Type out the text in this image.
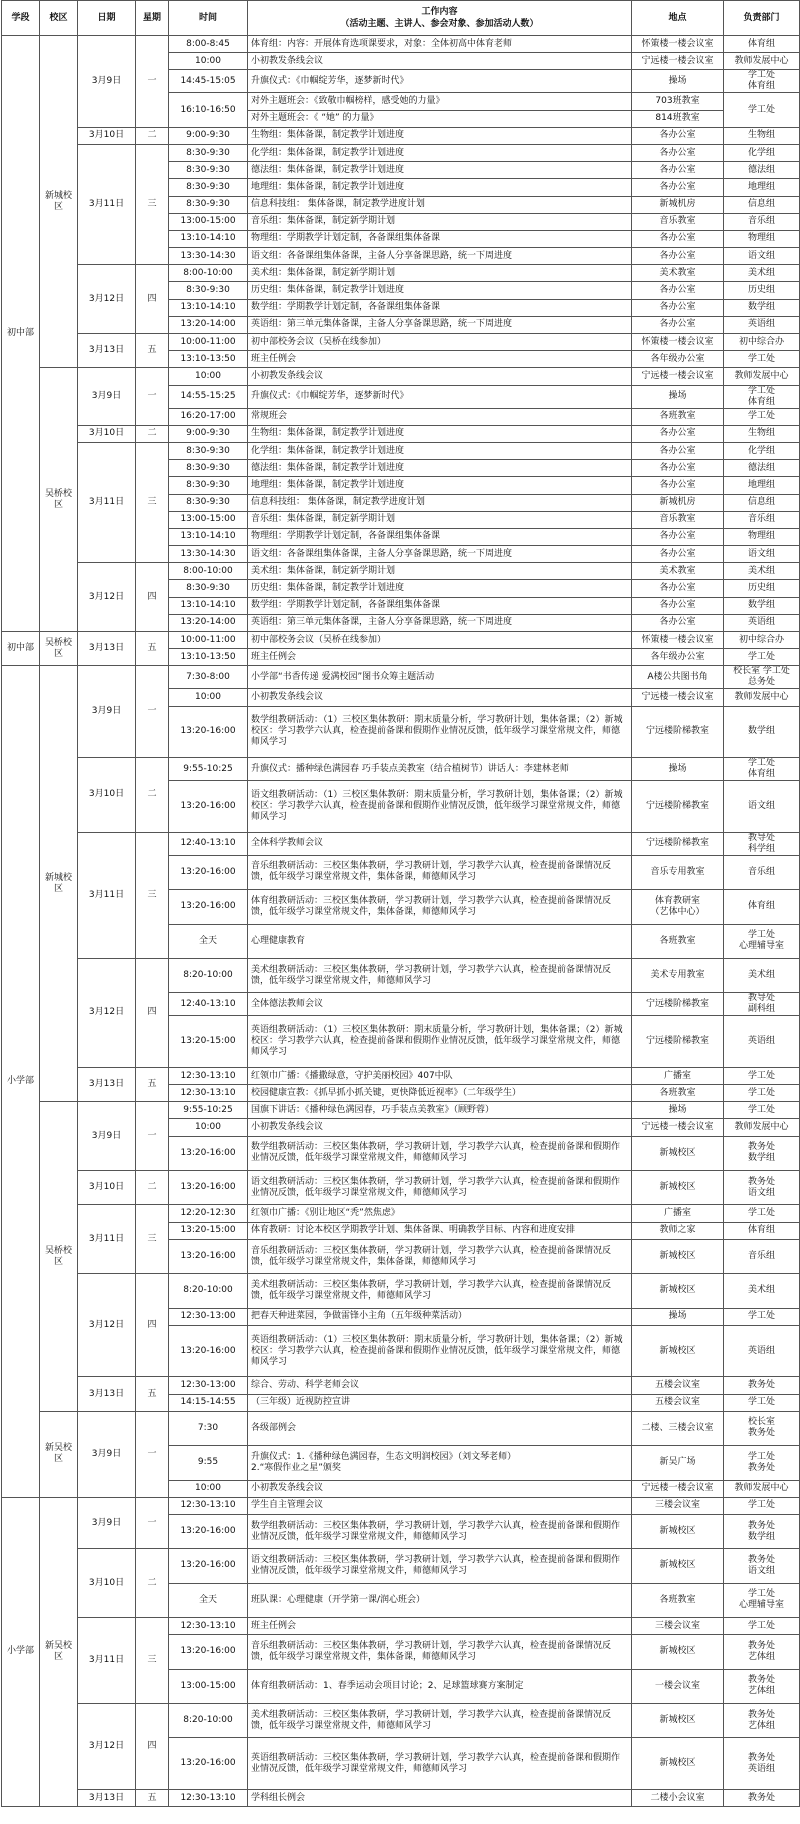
学段	校区	日期	星期	时间	工作内容
（活动主题、主讲人、参会对象、参加活动人数）	地点	负责部门
初中部	新城校区	3月9日	一	8:00-8:45	体育组：内容：开展体育选项课要求，对象：全体初高中体育老师	怀策楼一楼会议室	体育组
				10:00	小初教发条线会议	宁远楼一楼会议室	教师发展中心
				14:45-15:05	升旗仪式：《巾帼绽芳华，逐梦新时代》	操场	学工处
体育组
				16:10-16:50	对外主题班会：《致敬巾帼榜样，感受她的力量》	703班教室	学工处
					对外主题班会：《 “她” 的力量》	814班教室	
		3月10日	二	9:00-9:30	生物组：集体备课，制定教学计划进度	各办公室	生物组
		3月11日	三	8:30-9:30	化学组：集体备课，制定教学计划进度	各办公室	化学组
				8:30-9:30	德法组：集体备课，制定教学计划进度	各办公室	德法组
				8:30-9:30	地理组：集体备课，制定教学计划进度	各办公室	地理组
				8:30-9:30	信息科技组： 集体备课，制定教学进度计划	新城机房	信息组
				13:00-15:00	音乐组：集体备课，制定新学期计划	音乐教室	音乐组
				13:10-14:10	物理组：学期教学计划定制，各备课组集体备课	各办公室	物理组
				13:30-14:30	语文组：各备课组集体备课，主备人分享备课思路，统一下周进度	各办公室	语文组
		3月12日	四	8:00-10:00	美术组：集体备课，制定新学期计划	美术教室	美术组
				8:30-9:30	历史组：集体备课，制定教学计划进度	各办公室	历史组
				13:10-14:10	数学组：学期教学计划定制，各备课组集体备课	各办公室	数学组
				13:20-14:00	英语组：第三单元集体备课，主备人分享备课思路，统一下周进度	各办公室	英语组
		3月13日	五	10:00-11:00	初中部校务会议（吴桥在线参加）	怀策楼一楼会议室	初中综合办
				13:10-13:50	班主任例会	各年级办公室	学工处
	吴桥校区	3月9日	一	10:00	小初教发条线会议	宁远楼一楼会议室	教师发展中心
				14:55-15:25	升旗仪式：《巾帼绽芳华，逐梦新时代》	操场	学工处
体育组
				16:20-17:00	常规班会	各班教室	学工处
		3月10日	二	9:00-9:30	生物组：集体备课，制定教学计划进度	各办公室	生物组
		3月11日	三	8:30-9:30	化学组：集体备课，制定教学计划进度	各办公室	化学组
				8:30-9:30	德法组：集体备课，制定教学计划进度	各办公室	德法组
				8:30-9:30	地理组：集体备课，制定教学计划进度	各办公室	地理组
				8:30-9:30	信息科技组： 集体备课，制定教学进度计划	新城机房	信息组
				13:00-15:00	音乐组：集体备课，制定新学期计划	音乐教室	音乐组
				13:10-14:10	物理组：学期教学计划定制，各备课组集体备课	各办公室	物理组
				13:30-14:30	语文组：各备课组集体备课，主备人分享备课思路，统一下周进度	各办公室	语文组
		3月12日	四	8:00-10:00	美术组：集体备课，制定新学期计划	美术教室	美术组
				8:30-9:30	历史组：集体备课，制定教学计划进度	各办公室	历史组
				13:10-14:10	数学组：学期教学计划定制，各备课组集体备课	各办公室	数学组
				13:20-14:00	英语组：第三单元集体备课，主备人分享备课思路，统一下周进度	各办公室	英语组
初中部	吴桥校区	3月13日	五	10:00-11:00	初中部校务会议（吴桥在线参加）	怀策楼一楼会议室	初中综合办
				13:10-13:50	班主任例会	各年级办公室	学工处
小学部	新城校区	3月9日	一	7:30-8:00	小学部“书香传递 爱满校园”图书众筹主题活动	A楼公共图书角	校长室 学工处
总务处
				10:00	小初教发条线会议	宁远楼一楼会议室	教师发展中心
				13:20-16:00	数学组教研活动：（1）三校区集体教研：期末质量分析，学习教研计划，集体备课；（2）新城校区：学习教学六认真，检查提前备课和假期作业情况反馈，低年级学习课堂常规文件，师德师风学习	宁远楼阶梯教室	数学组
		3月10日	二	9:55-10:25	升旗仪式：播种绿色满园春 巧手装点美教室（结合植树节）讲话人：李建林老师	操场	学工处
体育组
				13:20-16:00	语文组教研活动：（1）三校区集体教研：期末质量分析，学习教研计划，集体备课；（2）新城校区：学习教学六认真，检查提前备课和假期作业情况反馈，低年级学习课堂常规文件，师德师风学习	宁远楼阶梯教室	语文组
		3月11日	三	12:40-13:10	全体科学教师会议	宁远楼阶梯教室	教导处
科学组
				13:20-16:00	音乐组教研活动：三校区集体教研，学习教研计划，学习教学六认真，检查提前备课情况反馈，低年级学习课堂常规文件，集体备课，师德师风学习	音乐专用教室	音乐组
				13:20-16:00	体育组教研活动：三校区集体教研，学习教研计划，学习教学六认真，检查提前备课情况反馈，低年级学习课堂常规文件，集体备课，师德师风学习	体育教研室
（艺体中心）	体育组
				全天	心理健康教育	各班教室	学工处
心理辅导室
		3月12日	四	8:20-10:00	美术组教研活动：三校区集体教研，学习教研计划，学习教学六认真，检查提前备课情况反馈，低年级学习课堂常规文件，师德师风学习	美术专用教室	美术组
				12:40-13:10	全体德法教师会议	宁远楼阶梯教室	教导处
副科组
				13:20-15:00	英语组教研活动：（1）三校区集体教研：期末质量分析，学习教研计划，集体备课；（2）新城校区：学习教学六认真，检查提前备课和假期作业情况反馈，低年级学习课堂常规文件，师德师风学习	宁远楼阶梯教室	英语组
		3月13日	五	12:30-13:10	红领巾广播：《播撒绿意，守护美丽校园》407中队	广播室	学工处
				12:30-13:10	校园健康宣教：《抓早抓小抓关键，更快降低近视率》（二年级学生）	各班教室	学工处
	吴桥校区	3月9日	一	9:55-10:25	国旗下讲话：《播种绿色满园春，巧手装点美教室》（顾野蓉）	操场	学工处
				10:00	小初教发条线会议	宁远楼一楼会议室	教师发展中心
				13:20-16:00	数学组教研活动：三校区集体教研，学习教研计划，学习教学六认真，检查提前备课和假期作业情况反馈，低年级学习课堂常规文件，师德师风学习	新城校区	教务处
数学组
		3月10日	二	13:20-16:00	语文组教研活动：三校区集体教研，学习教研计划，学习教学六认真，检查提前备课和假期作业情况反馈，低年级学习课堂常规文件，师德师风学习	新城校区	教务处
语文组
		3月11日	三	12:20-12:30	红领巾广播：《别让地区“秃”然焦虑》	广播室	学工处
				13:20-15:00	体育教研：讨论本校区学期教学计划、集体备课、明确教学目标、内容和进度安排	教师之家	体育组
				13:20-16:00	音乐组教研活动：三校区集体教研，学习教研计划，学习教学六认真，检查提前备课情况反馈，低年级学习课堂常规文件，集体备课，师德师风学习	新城校区	音乐组
		3月12日	四	8:20-10:00	美术组教研活动：三校区集体教研，学习教研计划，学习教学六认真，检查提前备课情况反馈，低年级学习课堂常规文件，师德师风学习	新城校区	美术组
				12:30-13:00	把春天种进菜园，争做雷锋小主角（五年级种菜活动）	操场	学工处
				13:20-16:00	英语组教研活动：（1）三校区集体教研：期末质量分析，学习教研计划，集体备课；（2）新城校区：学习教学六认真，检查提前备课和假期作业情况反馈，低年级学习课堂常规文件，师德师风学习	新城校区	英语组
		3月13日	五	12:30-13:00	综合、劳动、科学老师会议	五楼会议室	教务处
				14:15-14:55	（三年级）近视防控宣讲	五楼会议室	学工处
	新吴校区	3月9日	一	7:30	各级部例会	二楼、三楼会议室	校长室
教务处
				9:55	升旗仪式：1.《播种绿色满园春，生态文明润校园》（刘文琴老师）
2.“寒假作业之星”颁奖	新吴广场	学工处
教务处
				10:00	小初教发条线会议	宁远楼一楼会议室	教师发展中心
小学部	新吴校区	3月9日	一	12:30-13:10	学生自主管理会议	三楼会议室	学工处
				13:20-16:00	数学组教研活动：三校区集体教研，学习教研计划，学习教学六认真，检查提前备课和假期作业情况反馈，低年级学习课堂常规文件，师德师风学习	新城校区	教务处
数学组
		3月10日	二	13:20-16:00	语文组教研活动：三校区集体教研，学习教研计划，学习教学六认真，检查提前备课和假期作业情况反馈，低年级学习课堂常规文件，师德师风学习	新城校区	教务处
语文组
				全天	班队课：心理健康（开学第一课/润心班会）	各班教室	学工处
心理辅导室
		3月11日	三	12:30-13:10	班主任例会	三楼会议室	学工处
				13:20-16:00	音乐组教研活动：三校区集体教研，学习教研计划，学习教学六认真，检查提前备课情况反馈，低年级学习课堂常规文件，集体备课，师德师风学习	新城校区	教务处
艺体组
				13:00-15:00	体育组教研活动：1、春季运动会项目讨论；2、足球篮球赛方案制定	一楼会议室	教务处
艺体组
		3月12日	四	8:20-10:00	美术组教研活动：三校区集体教研，学习教研计划，学习教学六认真，检查提前备课情况反馈，低年级学习课堂常规文件，师德师风学习	新城校区	教务处
艺体组
				13:20-16:00	英语组教研活动：三校区集体教研，学习教研计划，学习教学六认真，检查提前备课和假期作业情况反馈，低年级学习课堂常规文件，师德师风学习	新城校区	教务处
英语组
		3月13日	五	12:30-13:10	学科组长例会	二楼小会议室	教务处
